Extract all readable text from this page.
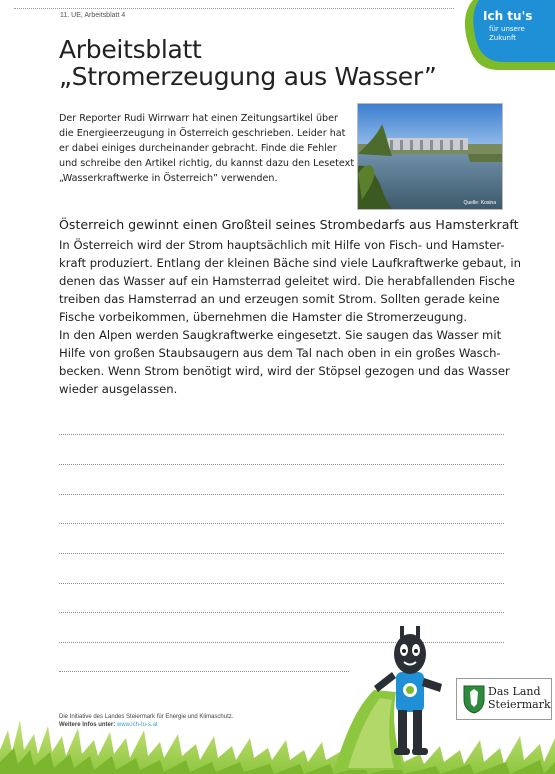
11. UE, Arbeitsblatt 4	Ich tu's
für unsere
Zukunft
Arbeitsblatt
„Stromerzeugung aus Wasser”
Der Reporter Rudi Wirrwarr hat einen Zeitungsartikel über
die Energieerzeugung in Österreich geschrieben. Leider hat
er dabei einiges durcheinander gebracht. Finde die Fehler
und schreibe den Artikel richtig, du kannst dazu den Lesetext
„Wasserkraftwerke in Österreich” verwenden.
Quelle: Kosina
Österreich gewinnt einen Großteil seines Strombedarfs aus Hamsterkraft
In Österreich wird der Strom hauptsächlich mit Hilfe von Fisch- und Hamster-
kraft produziert. Entlang der kleinen Bäche sind viele Laufkraftwerke gebaut, in
denen das Wasser auf ein Hamsterrad geleitet wird. Die herabfallenden Fische
treiben das Hamsterrad an und erzeugen somit Strom. Sollten gerade keine
Fische vorbeikommen, übernehmen die Hamster die Stromerzeugung.
In den Alpen werden Saugkraftwerke eingesetzt. Sie saugen das Wasser mit
Hilfe von großen Staubsaugern aus dem Tal nach oben in ein großes Wasch-
becken. Wenn Strom benötigt wird, wird der Stöpsel gezogen und das Wasser
wieder ausgelassen.
Das Land
Steiermark
Die Initiative des Landes Steiermark für Energie und Klimaschutz.
Weitere Infos unter: www.ich-tu-s.at
